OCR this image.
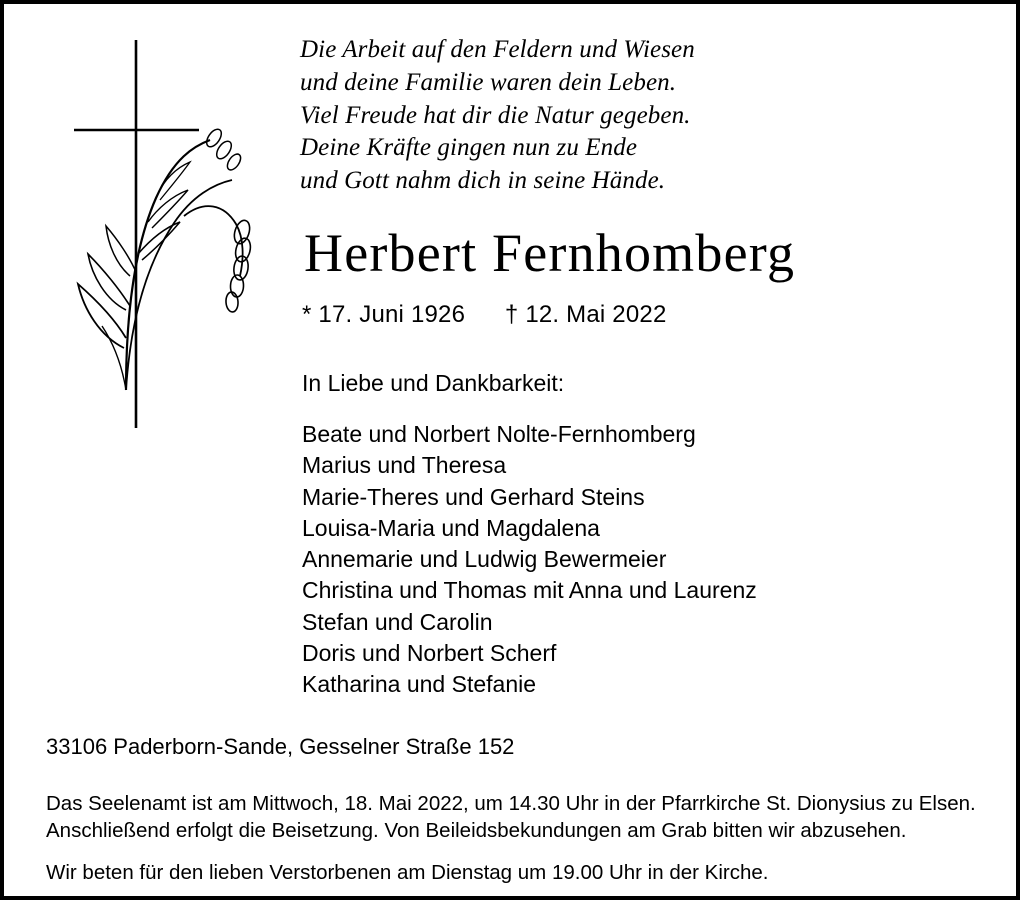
Die Arbeit auf den Feldern und Wiesen
und deine Familie waren dein Leben.
Viel Freude hat dir die Natur gegeben.
Deine Kräfte gingen nun zu Ende
und Gott nahm dich in seine Hände.
Herbert Fernhomberg
* 17. Juni 1926 † 12. Mai 2022
In Liebe und Dankbarkeit:
Beate und Norbert Nolte-Fernhomberg
Marius und Theresa
Marie-Theres und Gerhard Steins
Louisa-Maria und Magdalena
Annemarie und Ludwig Bewermeier
Christina und Thomas mit Anna und Laurenz
Stefan und Carolin
Doris und Norbert Scherf
Katharina und Stefanie
33106 Paderborn-Sande, Gesselner Straße 152
Das Seelenamt ist am Mittwoch, 18. Mai 2022, um 14.30 Uhr in der Pfarrkirche St. Dionysius zu Elsen. Anschließend erfolgt die Beisetzung. Von Beileidsbekundungen am Grab bitten wir abzusehen.
Wir beten für den lieben Verstorbenen am Dienstag um 19.00 Uhr in der Kirche.
